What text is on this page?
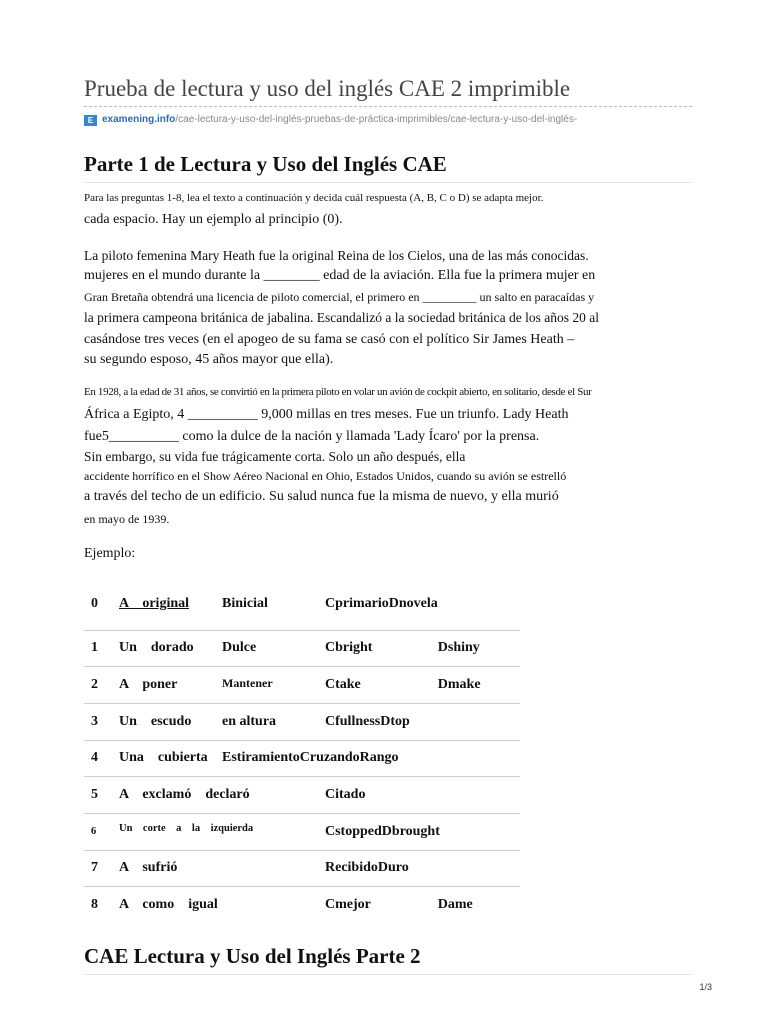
Prueba de lectura y uso del inglés CAE 2 imprimible
E examening.info/cae-lectura-y-uso-del-inglés-pruebas-de-práctica-imprimibles/cae-lectura-y-uso-del-inglés-
Parte 1 de Lectura y Uso del Inglés CAE

Para las preguntas 1-8, lea el texto a continuación y decida cuál respuesta (A, B, C o D) se adapta mejor.

cada espacio. Hay un ejemplo al principio (0).

La piloto femenina Mary Heath fue la original Reina de los Cielos, una de las más conocidas.

mujeres en el mundo durante la ________ edad de la aviación. Ella fue la primera mujer en

Gran Bretaña obtendrá una licencia de piloto comercial, el primero en _________ un salto en paracaídas y

la primera campeona británica de jabalina. Escandalizó a la sociedad británica de los años 20 al

casándose tres veces (en el apogeo de su fama se casó con el político Sir James Heath –

su segundo esposo, 45 años mayor que ella).

En 1928, a la edad de 31 años, se convirtió en la primera piloto en volar un avión de cockpit abierto, en solitario, desde el Sur

África a Egipto, 4 __________ 9,000 millas en tres meses. Fue un triunfo. Lady Heath

fue5__________ como la dulce de la nación y llamada 'Lady Ícaro' por la prensa.

Sin embargo, su vida fue trágicamente corta. Solo un año después, ella

accidente horrífico en el Show Aéreo Nacional en Ohio, Estados Unidos, cuando su avión se estrelló

a través del techo de un edificio. Su salud nunca fue la misma de nuevo, y ella murió

en mayo de 1939.

Ejemplo:

0	A    original	Binicial	CprimarioDnovela	
1	Un    dorado	Dulce	Cbright	Dshiny
2	A    poner	Mantener	Ctake	Dmake
3	Un    escudo	en altura	CfullnessDtop	
4	Una    cubierta	EstiramientoCruzandoRango		
5	A    exclamó    declaró		Citado	
6	Un    corte    a    la    izquierda		CstoppedDbrought	
7	A    sufrió		RecibidoDuro	
8	A    como    igual		Cmejor	Dame
CAE Lectura y Uso del Inglés Parte 2
1/3
